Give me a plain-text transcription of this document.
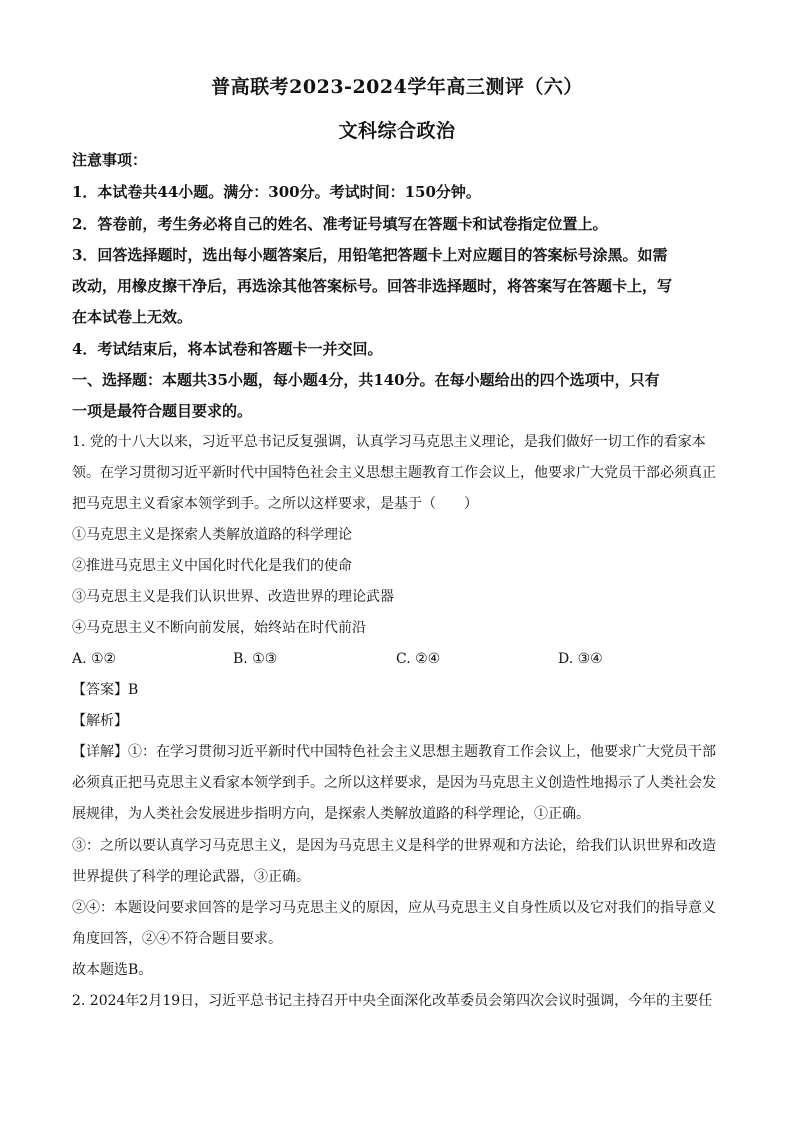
普高联考2023-2024学年高三测评（六）
文科综合政治
注意事项：
1．本试卷共44小题。满分：300分。考试时间：150分钟。
2．答卷前，考生务必将自己的姓名、准考证号填写在答题卡和试卷指定位置上。
3．回答选择题时，选出每小题答案后，用铅笔把答题卡上对应题目的答案标号涂黑。如需
改动，用橡皮擦干净后，再选涂其他答案标号。回答非选择题时，将答案写在答题卡上，写
在本试卷上无效。
4．考试结束后，将本试卷和答题卡一并交回。
一、选择题：本题共35小题，每小题4分，共140分。在每小题给出的四个选项中，只有
一项是最符合题目要求的。
1. 党的十八大以来，习近平总书记反复强调，认真学习马克思主义理论，是我们做好一切工作的看家本
领。在学习贯彻习近平新时代中国特色社会主义思想主题教育工作会议上，他要求广大党员干部必须真正
把马克思主义看家本领学到手。之所以这样要求，是基于（　　）
①马克思主义是探索人类解放道路的科学理论
②推进马克思主义中国化时代化是我们的使命
③马克思主义是我们认识世界、改造世界的理论武器
④马克思主义不断向前发展，始终站在时代前沿
A. ①②	B. ①③	C. ②④	D. ③④
【答案】B
【解析】
【详解】①：在学习贯彻习近平新时代中国特色社会主义思想主题教育工作会议上，他要求广大党员干部
必须真正把马克思主义看家本领学到手。之所以这样要求，是因为马克思主义创造性地揭示了人类社会发
展规律，为人类社会发展进步指明方向，是探索人类解放道路的科学理论，①正确。
③：之所以要认真学习马克思主义，是因为马克思主义是科学的世界观和方法论，给我们认识世界和改造
世界提供了科学的理论武器，③正确。
②④：本题设问要求回答的是学习马克思主义的原因，应从马克思主义自身性质以及它对我们的指导意义
角度回答，②④不符合题目要求。
故本题选B。
2. 2024年2月19日，习近平总书记主持召开中央全面深化改革委员会第四次会议时强调，今年的主要任
